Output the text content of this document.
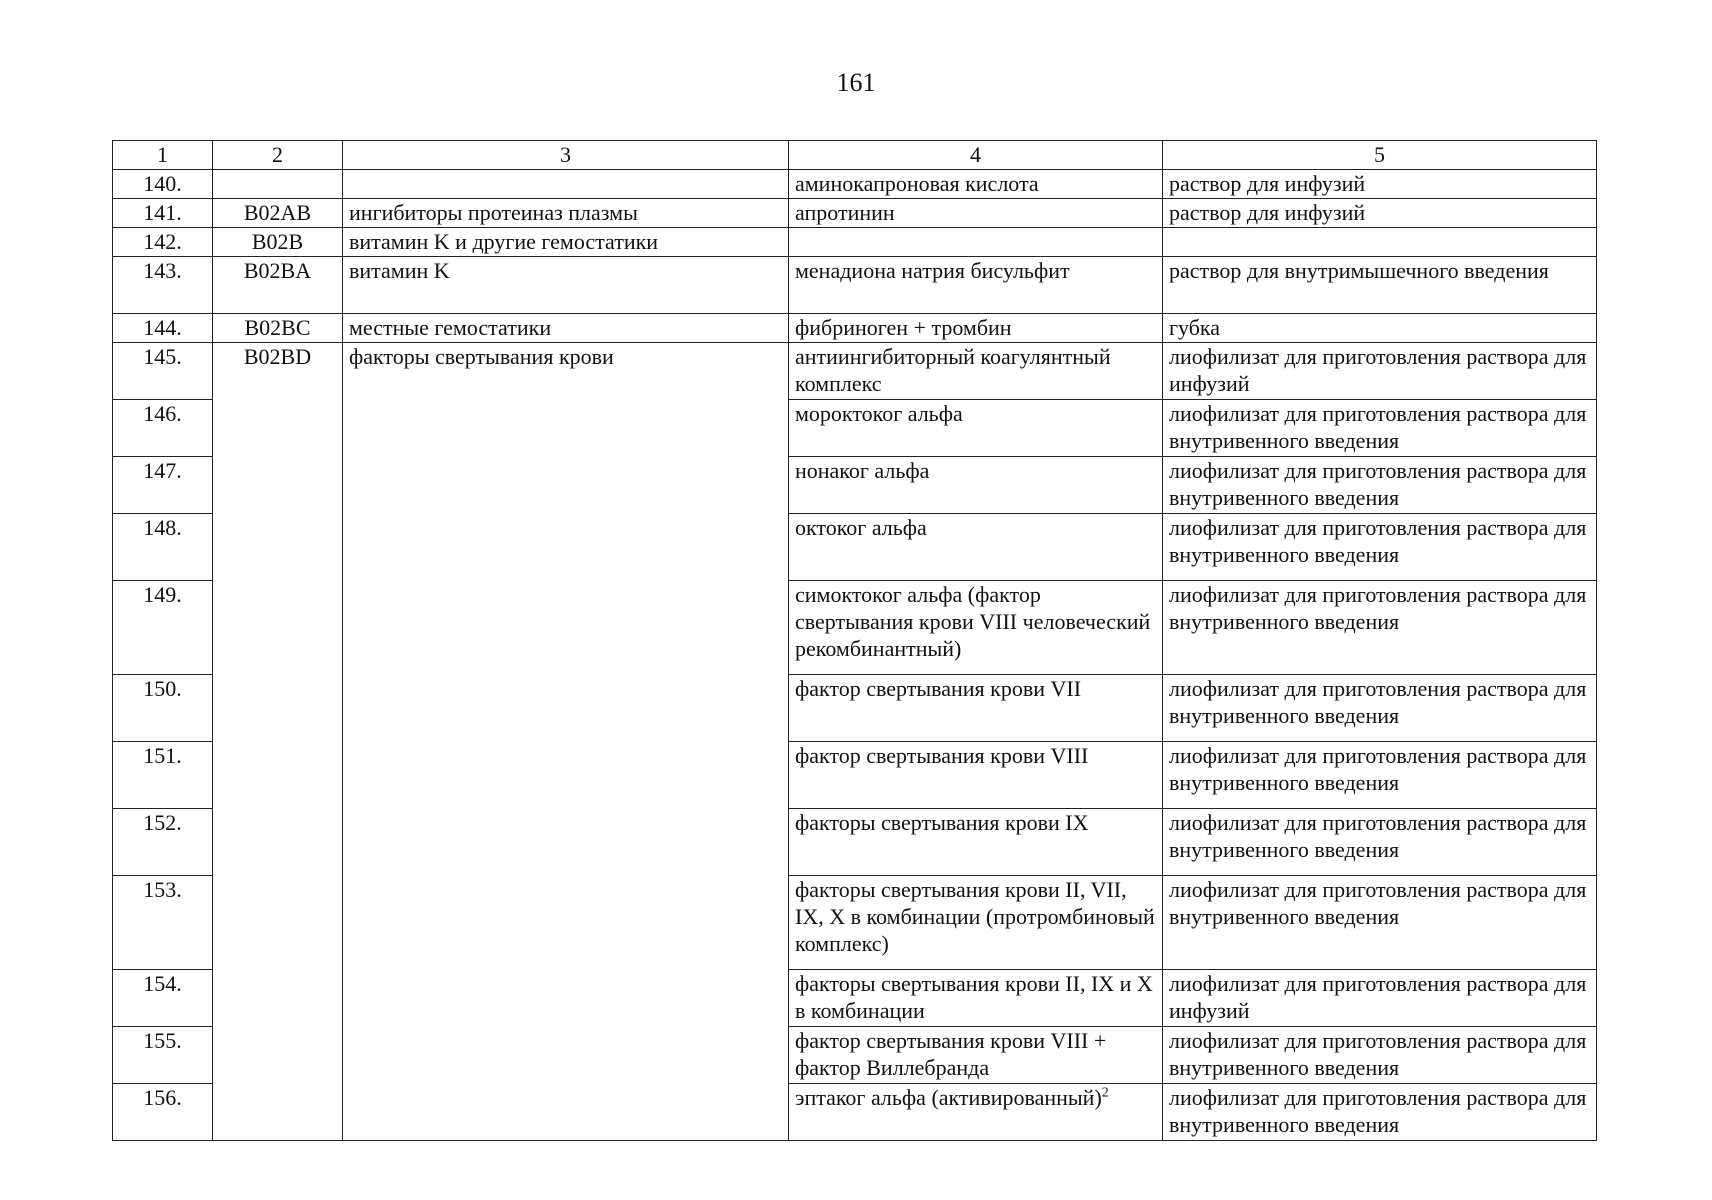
161
1	2	3	4	5
140.			аминокапроновая кислота	раствор для инфузий
141.	B02AB	ингибиторы протеиназ плазмы	апротинин	раствор для инфузий
142.	B02B	витамин K и другие гемостатики		
143.	B02BA	витамин K	менадиона натрия бисульфит	раствор для внутримышечного введения
144.	B02BC	местные гемостатики	фибриноген + тромбин	губка
145.	B02BD	факторы свертывания крови	антиингибиторный коагулянтный комплекс	лиофилизат для приготовления раствора для инфузий
146.			мороктоког альфа	лиофилизат для приготовления раствора для внутривенного введения
147.			нонаког альфа	лиофилизат для приготовления раствора для внутривенного введения
148.			октоког альфа	лиофилизат для приготовления раствора для внутривенного введения
149.			симоктоког альфа (фактор свертывания крови VIII человеческий рекомбинантный)	лиофилизат для приготовления раствора для внутривенного введения
150.			фактор свертывания крови VII	лиофилизат для приготовления раствора для внутривенного введения
151.			фактор свертывания крови VIII	лиофилизат для приготовления раствора для внутривенного введения
152.			факторы свертывания крови IX	лиофилизат для приготовления раствора для внутривенного введения
153.			факторы свертывания крови II, VII, IX, X в комбинации (протромбиновый комплекс)	лиофилизат для приготовления раствора для внутривенного введения
154.			факторы свертывания крови II, IX и X в комбинации	лиофилизат для приготовления раствора для инфузий
155.			фактор свертывания крови VIII + фактор Виллебранда	лиофилизат для приготовления раствора для внутривенного введения
156.			эптаког альфа (активированный)$^2$	лиофилизат для приготовления раствора для внутривенного введения
